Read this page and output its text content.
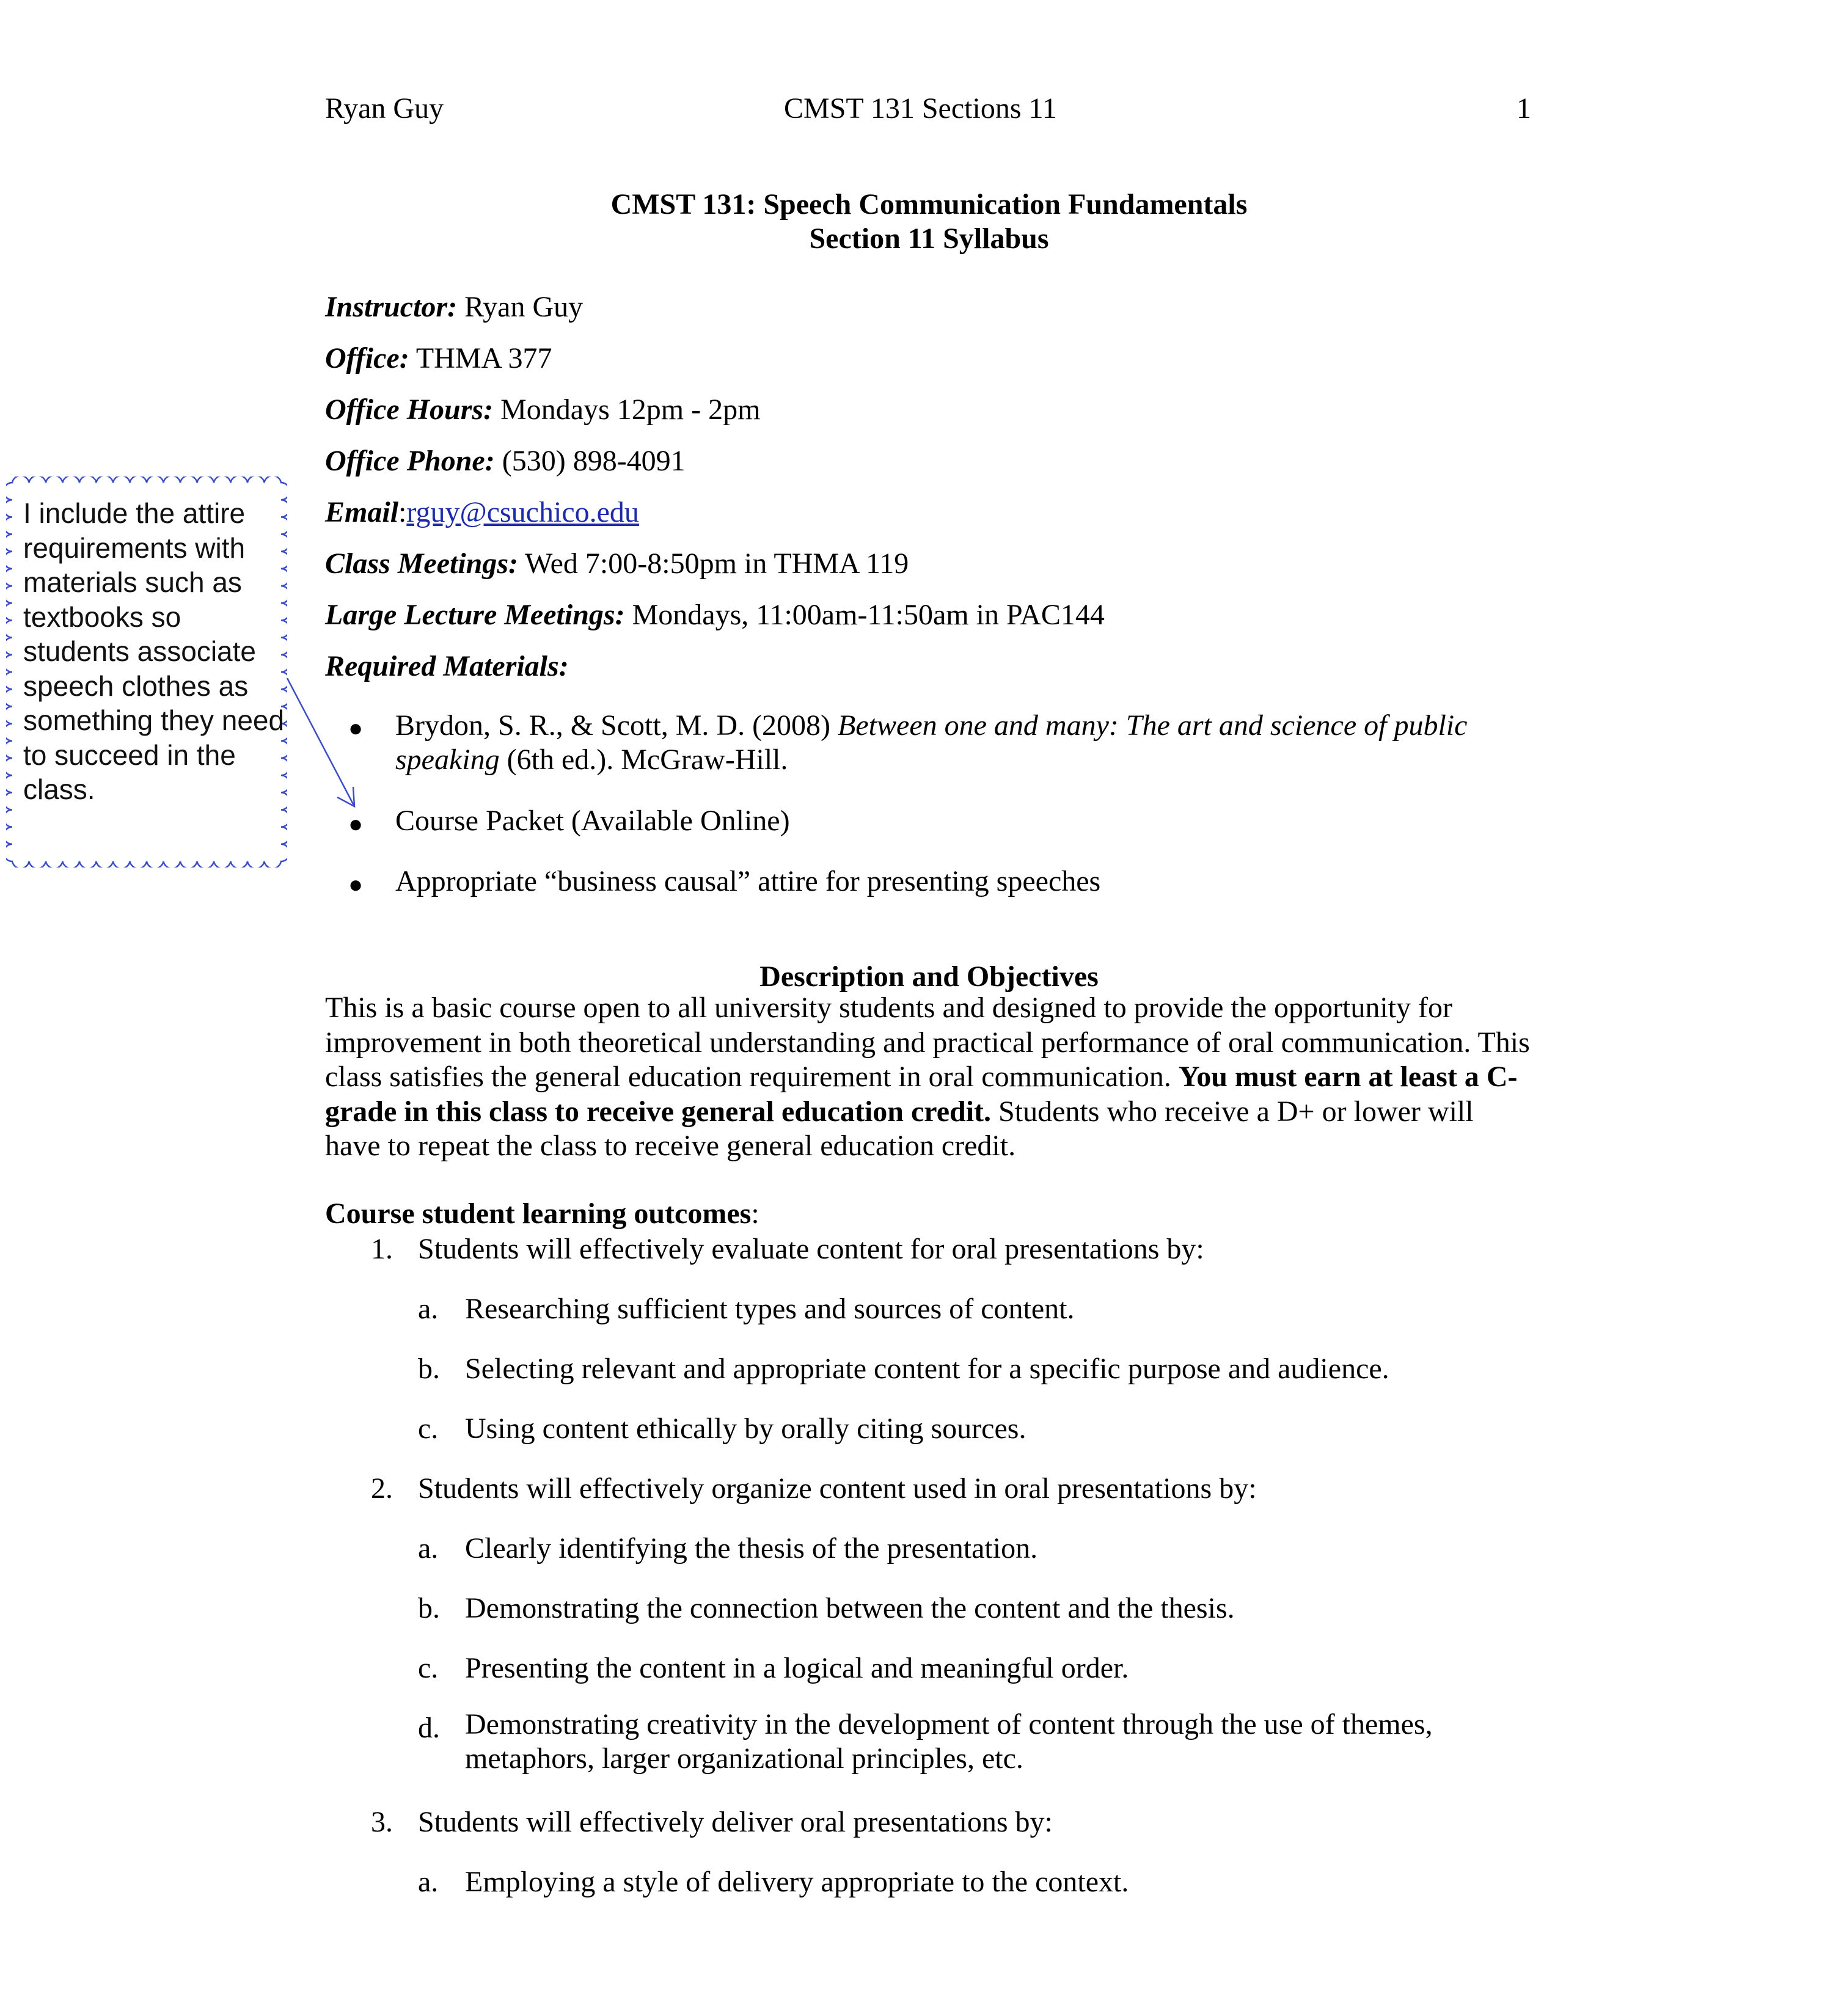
Ryan Guy	CMST 131 Sections 11	1
CMST 131: Speech Communication Fundamentals
Section 11 Syllabus
Instructor: Ryan Guy
Office: THMA 377
Office Hours: Mondays 12pm - 2pm
Office Phone: (530) 898-4091
Email:rguy@csuchico.edu
Class Meetings: Wed 7:00-8:50pm in THMA 119
Large Lecture Meetings: Mondays, 11:00am-11:50am in PAC144
Required Materials:
● Brydon, S. R., & Scott, M. D. (2008) Between one and many: The art and science of public speaking (6th ed.). McGraw-Hill.
● Course Packet (Available Online)
● Appropriate “business causal” attire for presenting speeches
Description and Objectives
This is a basic course open to all university students and designed to provide the opportunity for improvement in both theoretical understanding and practical performance of oral communication. This class satisfies the general education requirement in oral communication. You must earn at least a C- grade in this class to receive general education credit. Students who receive a D+ or lower will have to repeat the class to receive general education credit.
Course student learning outcomes:
1. Students will effectively evaluate content for oral presentations by:
a. Researching sufficient types and sources of content.
b. Selecting relevant and appropriate content for a specific purpose and audience.
c. Using content ethically by orally citing sources.
2. Students will effectively organize content used in oral presentations by:
a. Clearly identifying the thesis of the presentation.
b. Demonstrating the connection between the content and the thesis.
c. Presenting the content in a logical and meaningful order.
d. Demonstrating creativity in the development of content through the use of themes, metaphors, larger organizational principles, etc.
3. Students will effectively deliver oral presentations by:
a. Employing a style of delivery appropriate to the context.
I include the attire requirements with materials such as textbooks so students associate speech clothes as something they need to succeed in the class.
